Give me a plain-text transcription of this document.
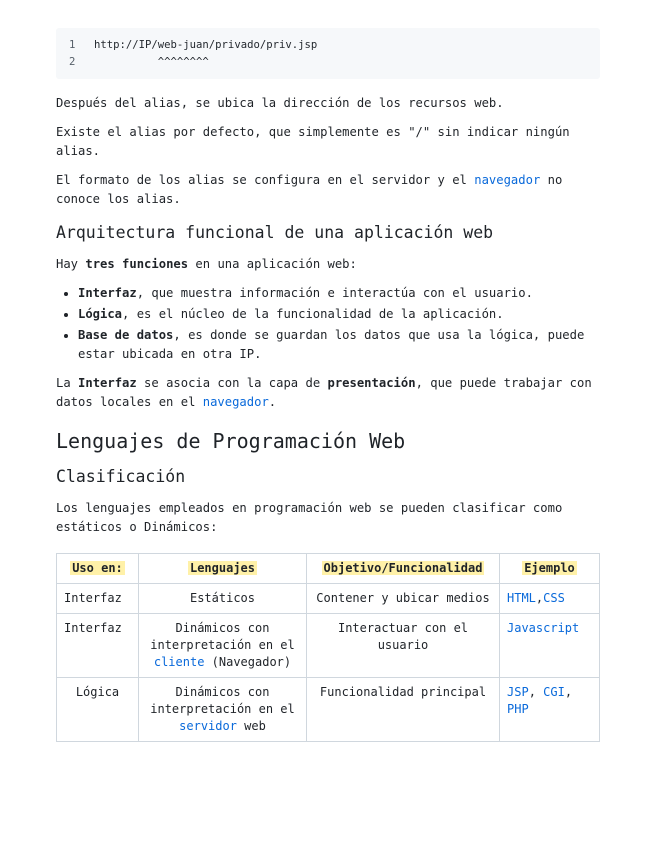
1	http://IP/web-juan/privado/priv.jsp
2	^^^^^^^^

Después del alias, se ubica la dirección de los recursos web.

Existe el alias por defecto, que simplemente es "/" sin indicar ningún alias.

El formato de los alias se configura en el servidor y el navegador no conoce los alias.

Arquitectura funcional de una aplicación web

Hay tres funciones en una aplicación web:

• Interfaz, que muestra información e interactúa con el usuario.
• Lógica, es el núcleo de la funcionalidad de la aplicación.
• Base de datos, es donde se guardan los datos que usa la lógica, puede estar ubicada en otra IP.

La Interfaz se asocia con la capa de presentación, que puede trabajar con datos locales en el navegador.

Lenguajes de Programación Web
Clasificación

Los lenguajes empleados en programación web se pueden clasificar como estáticos o Dinámicos:

Uso en:	Lenguajes	Objetivo/Funcionalidad	Ejemplo
Interfaz	Estáticos	Contener y ubicar medios	HTML,CSS
Interfaz	Dinámicos con interpretación en el cliente (Navegador)	Interactuar con el usuario	Javascript
Lógica	Dinámicos con interpretación en el servidor web	Funcionalidad principal	JSP, CGI, PHP
